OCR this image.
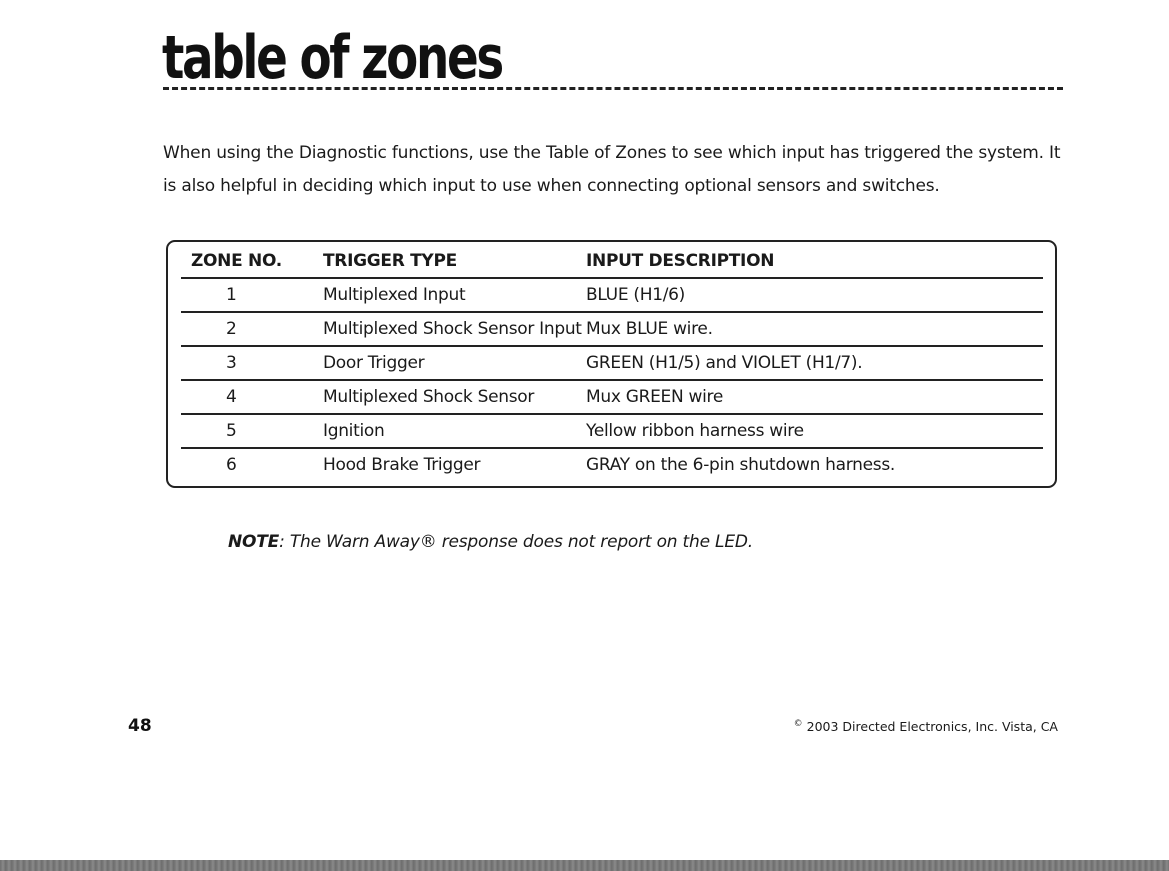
table of zones

When using the Diagnostic functions, use the Table of Zones to see which input has triggered the system. It is also helpful in deciding which input to use when connecting optional sensors and switches.

ZONE NO.	TRIGGER TYPE	INPUT DESCRIPTION
1	Multiplexed Input	BLUE (H1/6)
2	Multiplexed Shock Sensor Input	Mux BLUE wire.
3	Door Trigger	GREEN (H1/5) and VIOLET (H1/7).
4	Multiplexed Shock Sensor	Mux GREEN wire
5	Ignition	Yellow ribbon harness wire
6	Hood Brake Trigger	GRAY on the 6-pin shutdown harness.

NOTE: The Warn Away® response does not report on the LED.

48	© 2003 Directed Electronics, Inc. Vista, CA
